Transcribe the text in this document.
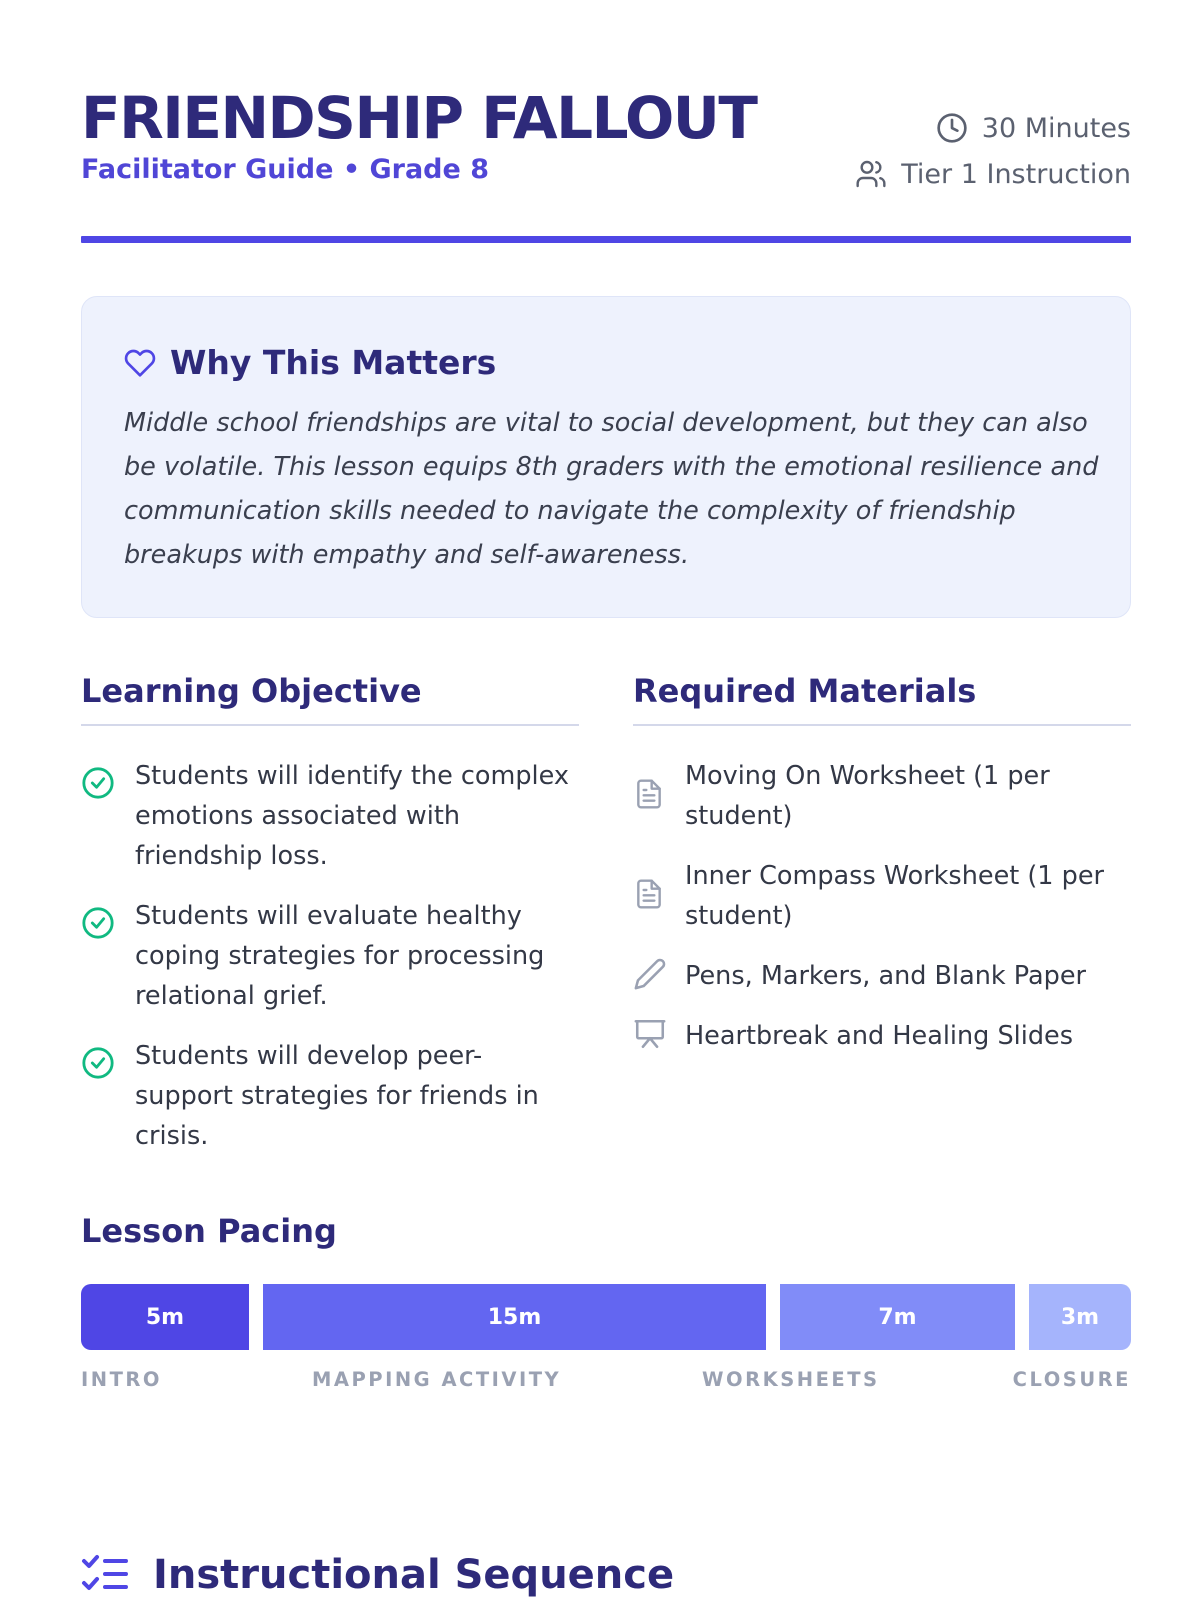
FRIENDSHIP FALLOUT
Facilitator Guide • Grade 8
30 Minutes
Tier 1 Instruction
Why This Matters

Middle school friendships are vital to social development, but they can also be volatile. This lesson equips 8th graders with the emotional resilience and communication skills needed to navigate the complexity of friendship breakups with empathy and self-awareness.

Learning Objective
Students will identify the complex emotions associated with friendship loss.
Students will evaluate healthy coping strategies for processing relational grief.
Students will develop peer-support strategies for friends in crisis.
Required Materials
Moving On Worksheet (1 per student)
Inner Compass Worksheet (1 per student)
Pens, Markers, and Blank Paper
Heartbreak and Healing Slides
Lesson Pacing
5m	15m	7m	3m
INTRO	MAPPING ACTIVITY	WORKSHEETS	CLOSURE
Instructional Sequence
